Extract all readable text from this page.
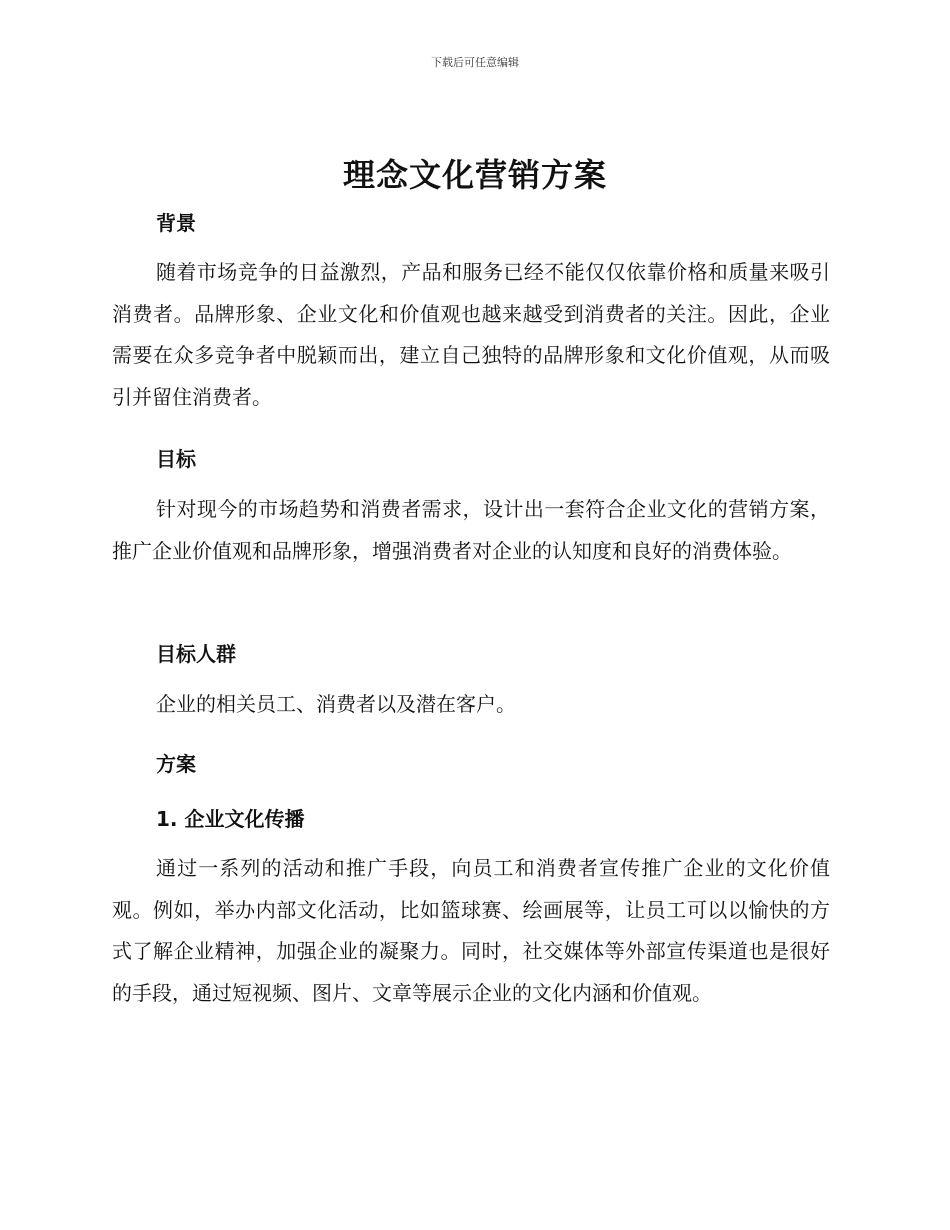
下载后可任意编辑
理念文化营销方案
背景
随着市场竞争的日益激烈，产品和服务已经不能仅仅依靠价格和质量来吸引消费者。品牌形象、企业文化和价值观也越来越受到消费者的关注。因此，企业需要在众多竞争者中脱颖而出，建立自己独特的品牌形象和文化价值观，从而吸引并留住消费者。
目标
针对现今的市场趋势和消费者需求，设计出一套符合企业文化的营销方案，推广企业价值观和品牌形象，增强消费者对企业的认知度和良好的消费体验。
目标人群
企业的相关员工、消费者以及潜在客户。
方案
1. 企业文化传播
通过一系列的活动和推广手段，向员工和消费者宣传推广企业的文化价值观。例如，举办内部文化活动，比如篮球赛、绘画展等，让员工可以以愉快的方式了解企业精神，加强企业的凝聚力。同时，社交媒体等外部宣传渠道也是很好的手段，通过短视频、图片、文章等展示企业的文化内涵和价值观。
